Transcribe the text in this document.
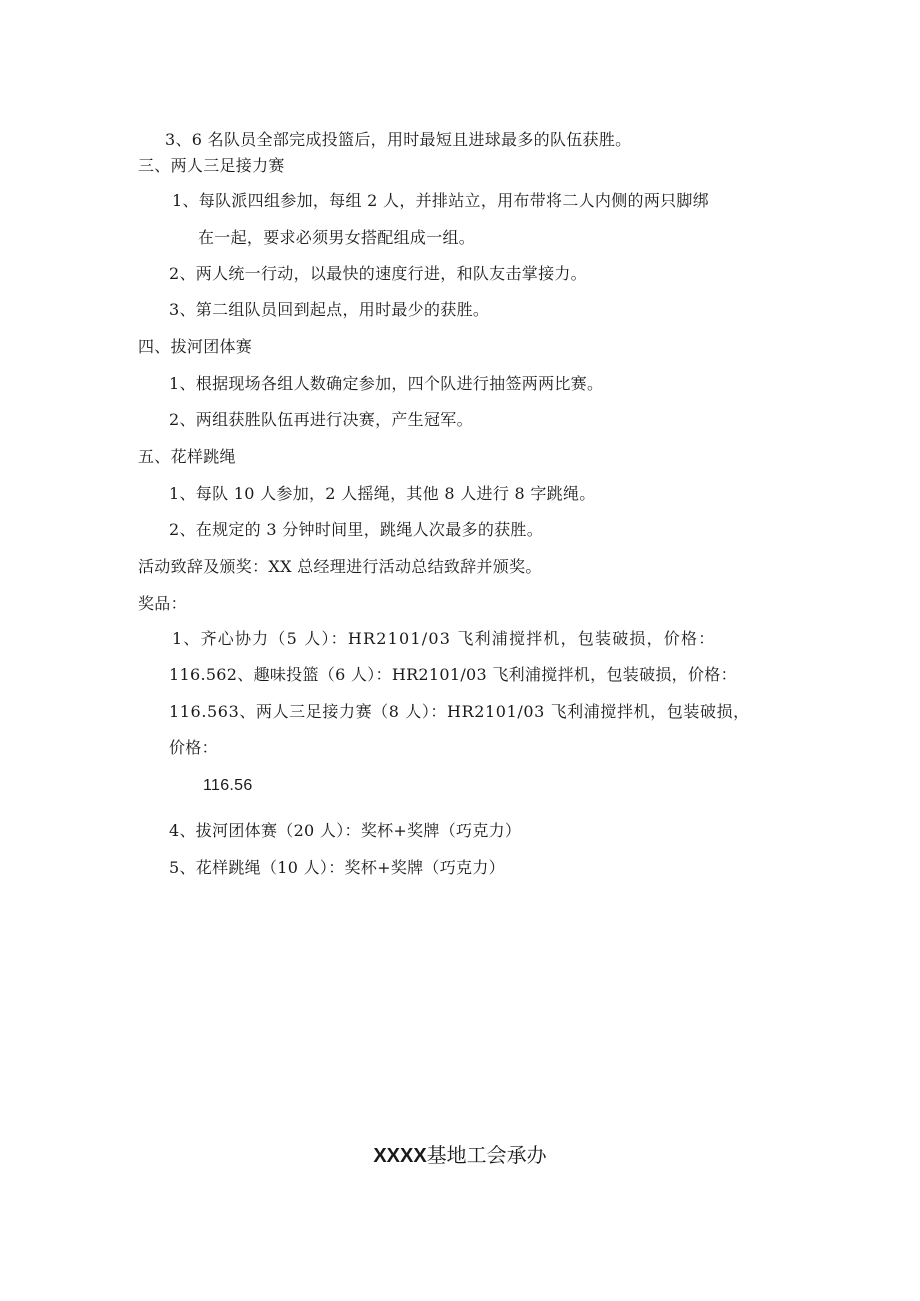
3、6 名队员全部完成投篮后，用时最短且进球最多的队伍获胜。
三、两人三足接力赛
1、每队派四组参加，每组 2 人，并排站立，用布带将二人内侧的两只脚绑
在一起，要求必须男女搭配组成一组。
2、两人统一行动，以最快的速度行进，和队友击掌接力。
3、第二组队员回到起点，用时最少的获胜。
四、拔河团体赛
1、根据现场各组人数确定参加，四个队进行抽签两两比赛。
2、两组获胜队伍再进行决赛，产生冠军。
五、花样跳绳
1、每队 10 人参加，2 人摇绳，其他 8 人进行 8 字跳绳。
2、在规定的 3 分钟时间里，跳绳人次最多的获胜。
活动致辞及颁奖：XX 总经理进行活动总结致辞并颁奖。
奖品：
1、齐心协力（5 人）：HR2101/03 飞利浦搅拌机，包装破损，价格：
116.562、趣味投篮（6 人）：HR2101/03 飞利浦搅拌机，包装破损，价格：
116.563、两人三足接力赛（8 人）：HR2101/03 飞利浦搅拌机，包装破损，
价格：
116.56
4、拔河团体赛（20 人）：奖杯+奖牌（巧克力）
5、花样跳绳（10 人）：奖杯+奖牌（巧克力）
XXXX基地工会承办
